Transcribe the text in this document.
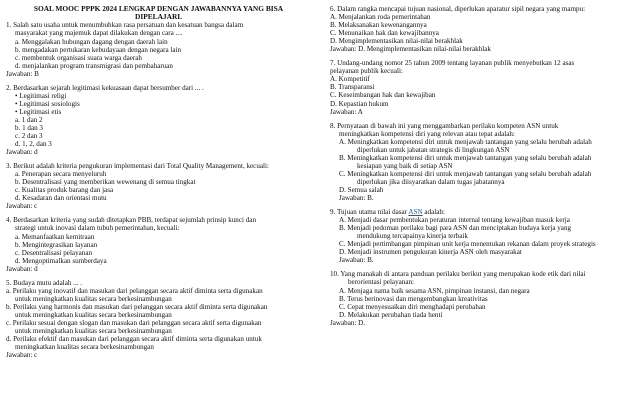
SOAL MOOC PPPK 2024 LENGKAP DENGAN JAWABANNYA YANG BISA
DIPELAJARI.
1. Salah satu usaha untuk menumbuhkan rasa persatuan dan kesatuan bangsa dalam
masyarakat yang majemuk dapat dilakukan dengan cara ....
a. Menggalakan hubungan dagang dengan daerah lain
b. mengadakan pertukaran kebudayaan dengan negara lain
c. membentuk organisasi suara warga daerah
d. menjalankan program transmigrasi dan pembaharuan
Jawaban: B
2. Berdasarkan sejarah legitimasi kekuasaan dapat bersumber dari ... .
• Legitimasi religi
• Legitimasi sosiologis
• Legitimasi etis
a. 1 dan 2
b. 1 dan 3
c. 2 dan 3
d. 1, 2, dan 3
Jawaban: d
3. Berikut adalah kriteria pengukuran implementasi dari Total Quality Management, kecuali:
a. Penerapan secara menyeluruh
b. Desentralisasi yang memberikan wewenang di semua tingkat
c. Kualitas produk barang dan jasa
d. Kesadaran dan orientasi mutu
Jawaban: c
4. Berdasarkan kriteria yang sudah ditetapkan PBB, terdapat sejumlah prinsip kunci dan
strategi untuk inovasi dalam tubuh pemerintahan, kecuali:
a. Memanfaatkan kemitraan
b. Mengintegrasikan layanan
c. Desentralisasi pelayanan
d. Mengoptimalkan sumberdaya
Jawaban: d
5. Budaya mutu adalah ... .
a. Perilaku yang inovatif dan masukan dari pelanggan secara aktif diminta serta digunakan
untuk meningkatkan kualitas secara berkesinambungan
b. Perilaku yang harmonis dan masukan dari pelanggan secara aktif diminta serta digunakan
untuk meningkatkan kualitas secara berkesinambungan
c. Perilaku sesuai dengan slogan dan masukan dari pelanggan secara aktif serta digunakan
untuk meningkatkan kualitas secara berkesinambungan
d. Perilaku efektif dan masukan dari pelanggan secara aktif diminta serta digunakan untuk
meningkatkan kualitas secara berkesinambungan
Jawaban: c
6. Dalam rangka mencapai tujuan nasional, diperlukan aparatur sipil negara yang mampu:
A. Menjalankan roda pemerintahan
B. Melaksanakan kewenangannya
C. Menunaikan hak dan kewajibannya
D. Mengimplementasikan nilai-nilai berakhlak
Jawaban: D. Mengimplementasikan nilai-nilai berakhlak
7. Undang-undang nomor 25 tahun 2009 tentang layanan publik menyebutkan 12 asas
pelayanan publik kecuali:
A. Kompetitif
B. Transparansi
C. Keseimbangan hak dan kewajiban
D. Kepastian hukum
Jawaban: A
8. Pernyataan di bawah ini yang menggambarkan perilaku kompeten ASN untuk
meningkatkan kompetensi diri yang relevan atau tepat adalah:
A. Meningkatkan kompetensi diri untuk menjawab tantangan yang selalu berubah adalah
diperlukan untuk jabatan strategis di lingkungan ASN
B. Meningkatkan kompetensi diri untuk menjawab tantangan yang selalu berubah adalah
kesiapan yang baik di setiap ASN
C. Meningkatkan kompetensi diri untuk menjawab tantangan yang selalu berubah adalah
diperlukan jika diisyaratkan dalam tugas jabatannya
D. Semua salah
Jawaban: B.
9. Tujuan utama nilai dasar ASN adalah:
A. Menjadi dasar pembentukan peraturan internal tentang kewajiban masuk kerja
B. Menjadi pedoman perilaku bagi para ASN dan menciptakan budaya kerja yang
mendukung tercapainya kinerja terbaik
C. Menjadi pertimbangan pimpinan unit kerja menentukan rekanan dalam proyek strategis
D. Menjadi instrumen pengukuran kinerja ASN oleh masyarakat
Jawaban: B.
10. Yang manakah di antara panduan perilaku berikut yang merupakan kode etik dari nilai
berorientasi pelayanan:
A. Menjaga nama baik sesama ASN, pimpinan instansi, dan negara
B. Terus berinovasi dan mengembangkan kreativitas
C. Cepat menyesuaikan diri menghadapi perubahan
D. Melakukan perubahan tiada henti
Jawaban: D.
